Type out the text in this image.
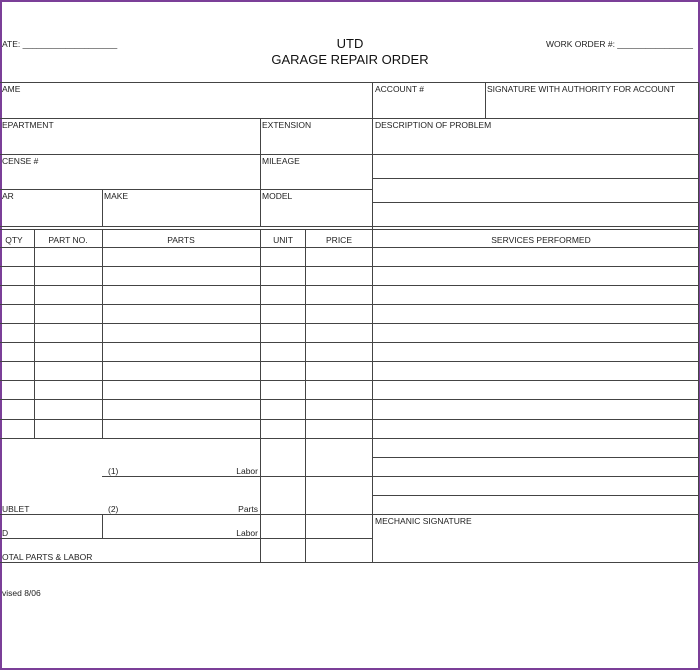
ATE: ____________________	UTD
GARAGE REPAIR ORDER
WORK ORDER #: ________________
AME	ACCOUNT #	SIGNATURE WITH AUTHORITY FOR ACCOUNT
EPARTMENT	EXTENSION	DESCRIPTION OF PROBLEM
CENSE #	MILEAGE
AR	MAKE	MODEL
QTY	PART NO.	PARTS	UNIT	PRICE	SERVICES PERFORMED
(1)	Labor
UBLET	(2)	Parts
D	Labor
OTAL PARTS & LABOR
MECHANIC SIGNATURE
vised 8/06
